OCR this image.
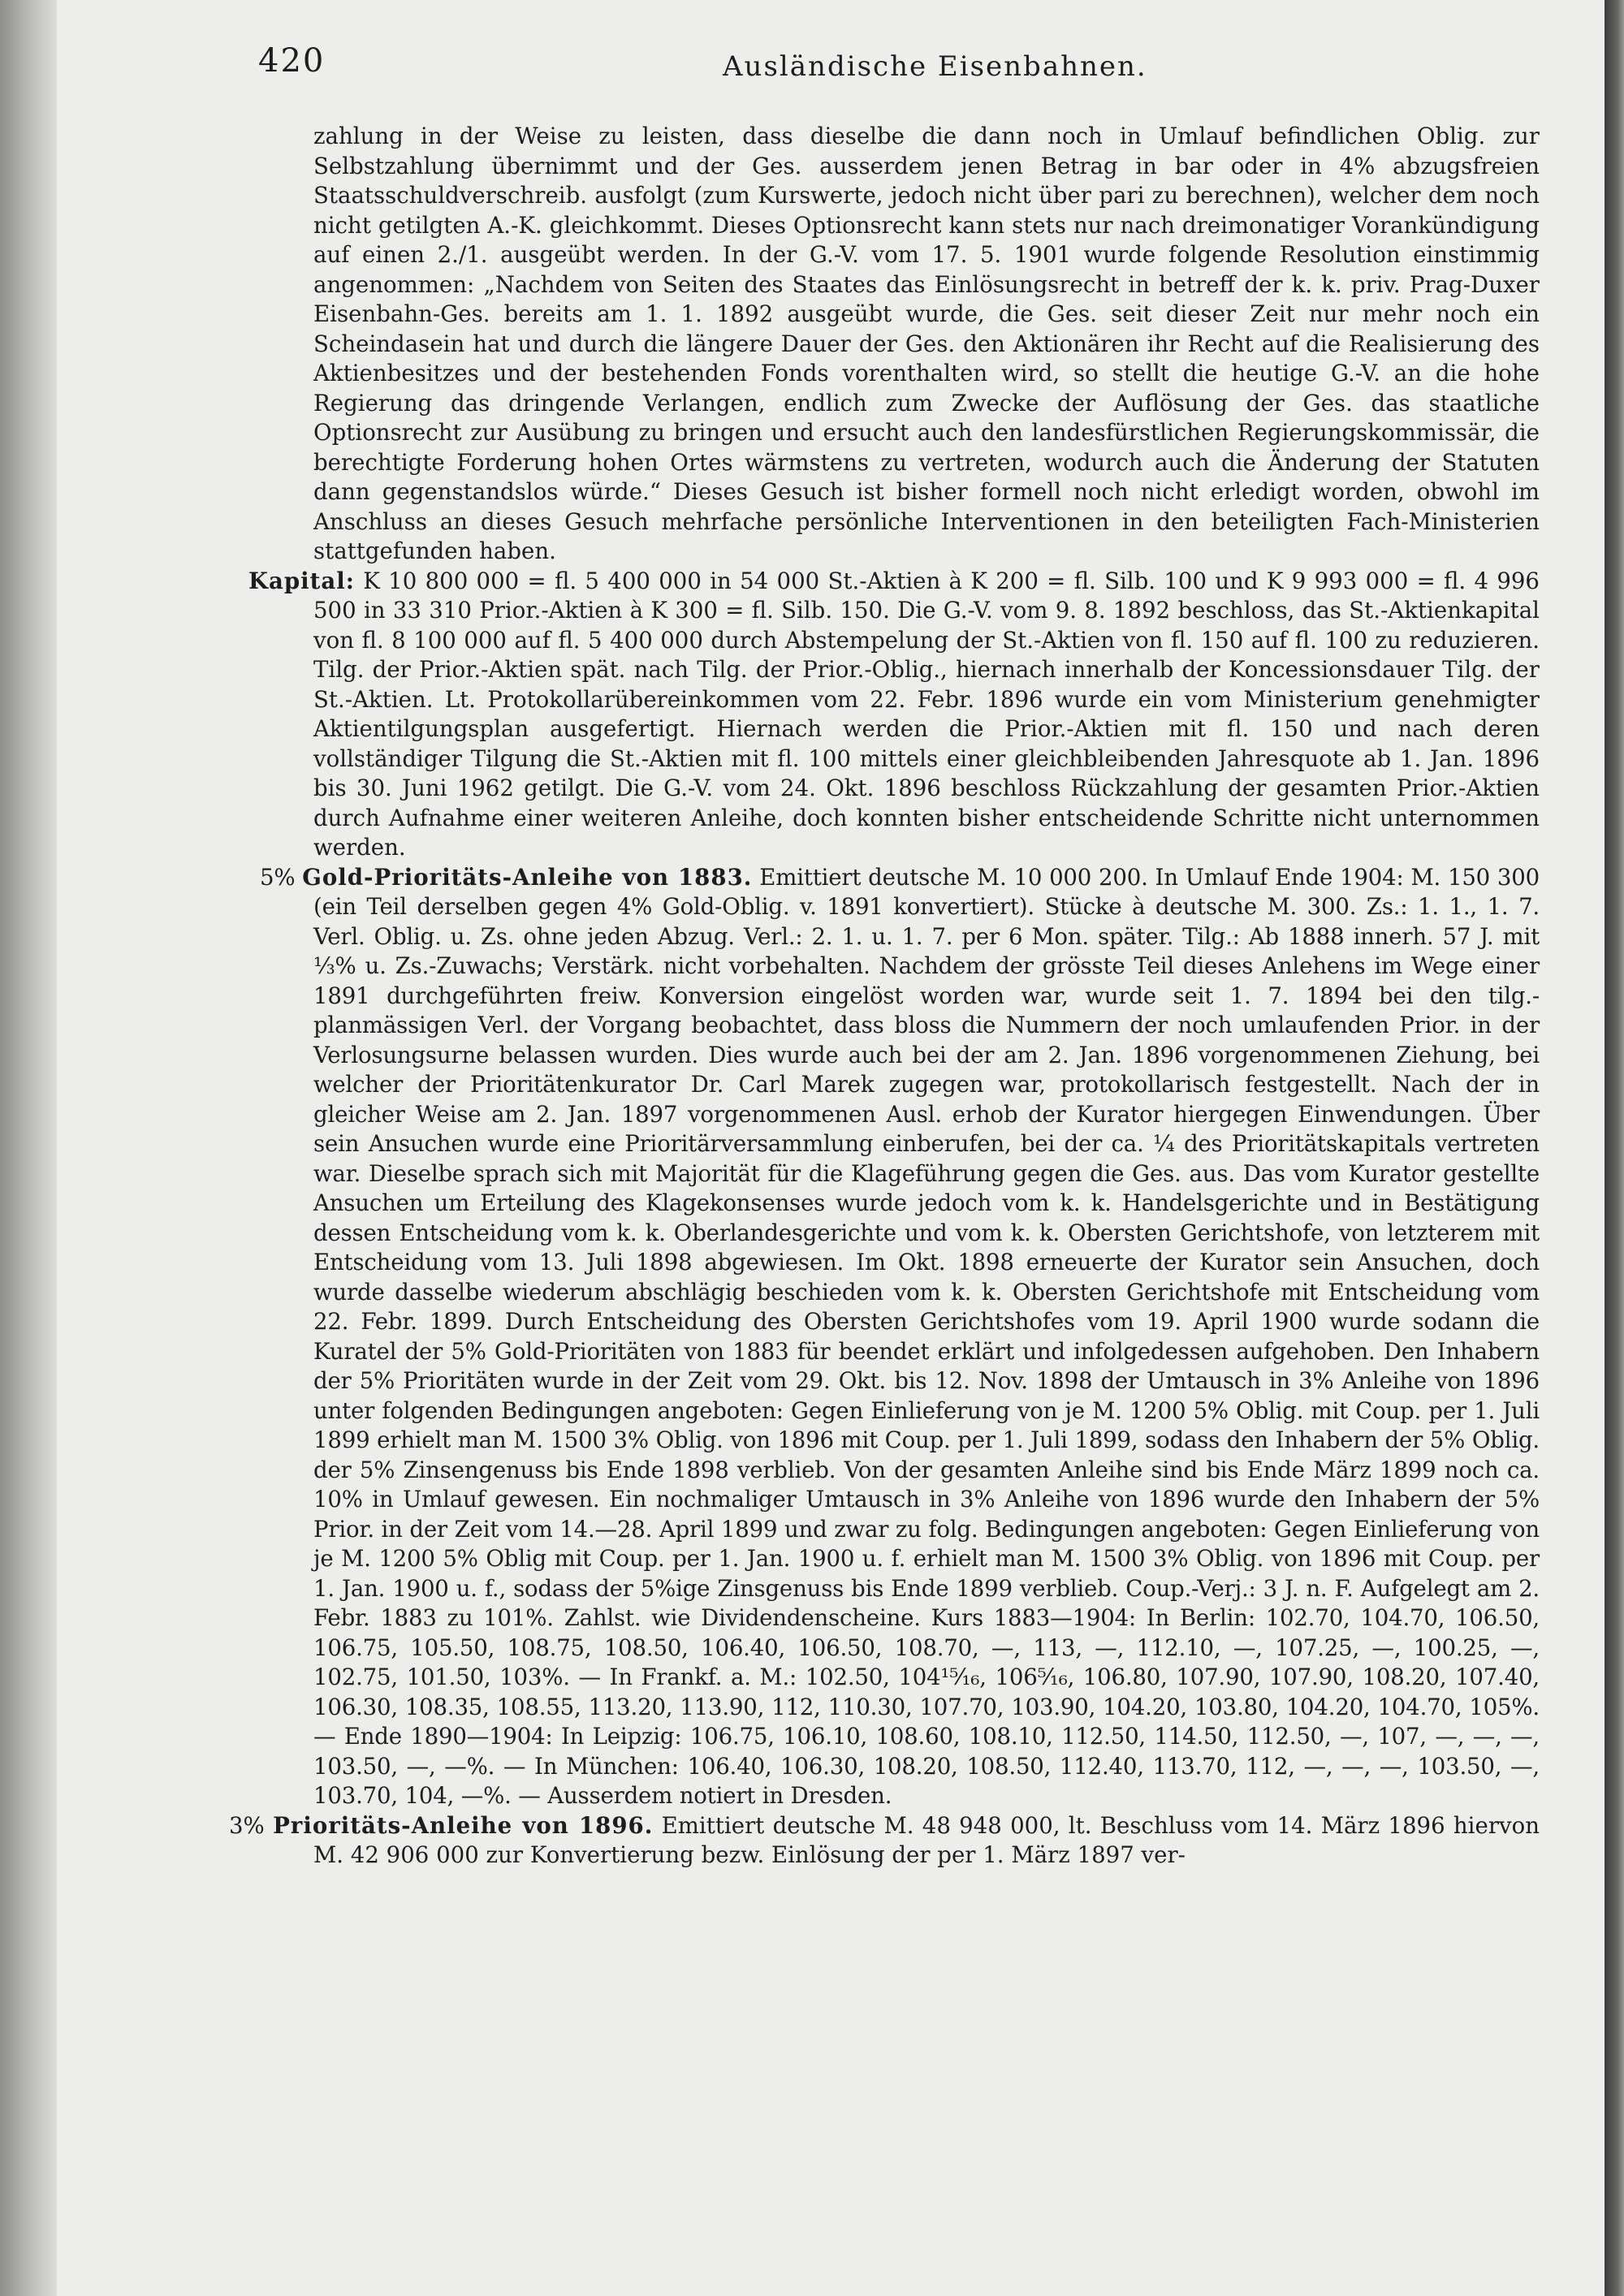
420	Ausländische Eisenbahnen.

zahlung in der Weise zu leisten, dass dieselbe die dann noch in Umlauf befindlichen Oblig. zur Selbstzahlung übernimmt und der Ges. ausserdem jenen Betrag in bar oder in 4% abzugsfreien Staatsschuldverschreib. ausfolgt (zum Kurswerte, jedoch nicht über pari zu berechnen), welcher dem noch nicht getilgten A.-K. gleichkommt. Dieses Optionsrecht kann stets nur nach dreimonatiger Vorankündigung auf einen 2./1. ausgeübt werden. In der G.-V. vom 17. 5. 1901 wurde folgende Resolution einstimmig angenommen: „Nachdem von Seiten des Staates das Einlösungsrecht in betreff der k. k. priv. Prag-Duxer Eisenbahn-Ges. bereits am 1. 1. 1892 ausgeübt wurde, die Ges. seit dieser Zeit nur mehr noch ein Scheindasein hat und durch die längere Dauer der Ges. den Aktionären ihr Recht auf die Realisierung des Aktienbesitzes und der bestehenden Fonds vorenthalten wird, so stellt die heutige G.-V. an die hohe Regierung das dringende Verlangen, endlich zum Zwecke der Auflösung der Ges. das staatliche Optionsrecht zur Ausübung zu bringen und ersucht auch den landesfürstlichen Regierungskommissär, die berechtigte Forderung hohen Ortes wärmstens zu vertreten, wodurch auch die Änderung der Statuten dann gegenstandslos würde.“ Dieses Gesuch ist bisher formell noch nicht erledigt worden, obwohl im Anschluss an dieses Gesuch mehrfache persönliche Interventionen in den beteiligten Fach-Ministerien stattgefunden haben.

Kapital: K 10 800 000 = fl. 5 400 000 in 54 000 St.-Aktien à K 200 = fl. Silb. 100 und K 9 993 000 = fl. 4 996 500 in 33 310 Prior.-Aktien à K 300 = fl. Silb. 150. Die G.-V. vom 9. 8. 1892 beschloss, das St.-Aktienkapital von fl. 8 100 000 auf fl. 5 400 000 durch Abstempelung der St.-Aktien von fl. 150 auf fl. 100 zu reduzieren. Tilg. der Prior.-Aktien spät. nach Tilg. der Prior.-Oblig., hiernach innerhalb der Koncessionsdauer Tilg. der St.-Aktien. Lt. Protokollarübereinkommen vom 22. Febr. 1896 wurde ein vom Ministerium genehmigter Aktientilgungsplan ausgefertigt. Hiernach werden die Prior.-Aktien mit fl. 150 und nach deren vollständiger Tilgung die St.-Aktien mit fl. 100 mittels einer gleichbleibenden Jahresquote ab 1. Jan. 1896 bis 30. Juni 1962 getilgt. Die G.-V. vom 24. Okt. 1896 beschloss Rückzahlung der gesamten Prior.-Aktien durch Aufnahme einer weiteren Anleihe, doch konnten bisher entscheidende Schritte nicht unternommen werden.

5% Gold-Prioritäts-Anleihe von 1883. Emittiert deutsche M. 10 000 200. In Umlauf Ende 1904: M. 150 300 (ein Teil derselben gegen 4% Gold-Oblig. v. 1891 konvertiert). Stücke à deutsche M. 300. Zs.: 1. 1., 1. 7. Verl. Oblig. u. Zs. ohne jeden Abzug. Verl.: 2. 1. u. 1. 7. per 6 Mon. später. Tilg.: Ab 1888 innerh. 57 J. mit ⅓% u. Zs.-Zuwachs; Verstärk. nicht vorbehalten. Nachdem der grösste Teil dieses Anlehens im Wege einer 1891 durchgeführten freiw. Konversion eingelöst worden war, wurde seit 1. 7. 1894 bei den tilg.-planmässigen Verl. der Vorgang beobachtet, dass bloss die Nummern der noch umlaufenden Prior. in der Verlosungsurne belassen wurden. Dies wurde auch bei der am 2. Jan. 1896 vorgenommenen Ziehung, bei welcher der Prioritätenkurator Dr. Carl Marek zugegen war, protokollarisch festgestellt. Nach der in gleicher Weise am 2. Jan. 1897 vorgenommenen Ausl. erhob der Kurator hiergegen Einwendungen. Über sein Ansuchen wurde eine Prioritärversammlung einberufen, bei der ca. ¼ des Prioritätskapitals vertreten war. Dieselbe sprach sich mit Majorität für die Klageführung gegen die Ges. aus. Das vom Kurator gestellte Ansuchen um Erteilung des Klagekonsenses wurde jedoch vom k. k. Handelsgerichte und in Bestätigung dessen Entscheidung vom k. k. Oberlandesgerichte und vom k. k. Obersten Gerichtshofe, von letzterem mit Entscheidung vom 13. Juli 1898 abgewiesen. Im Okt. 1898 erneuerte der Kurator sein Ansuchen, doch wurde dasselbe wiederum abschlägig beschieden vom k. k. Obersten Gerichtshofe mit Entscheidung vom 22. Febr. 1899. Durch Entscheidung des Obersten Gerichtshofes vom 19. April 1900 wurde sodann die Kuratel der 5% Gold-Prioritäten von 1883 für beendet erklärt und infolgedessen aufgehoben. Den Inhabern der 5% Prioritäten wurde in der Zeit vom 29. Okt. bis 12. Nov. 1898 der Umtausch in 3% Anleihe von 1896 unter folgenden Bedingungen angeboten: Gegen Einlieferung von je M. 1200 5% Oblig. mit Coup. per 1. Juli 1899 erhielt man M. 1500 3% Oblig. von 1896 mit Coup. per 1. Juli 1899, sodass den Inhabern der 5% Oblig. der 5% Zinsengenuss bis Ende 1898 verblieb. Von der gesamten Anleihe sind bis Ende März 1899 noch ca. 10% in Umlauf gewesen. Ein nochmaliger Umtausch in 3% Anleihe von 1896 wurde den Inhabern der 5% Prior. in der Zeit vom 14.—28. April 1899 und zwar zu folg. Bedingungen angeboten: Gegen Einlieferung von je M. 1200 5% Oblig mit Coup. per 1. Jan. 1900 u. f. erhielt man M. 1500 3% Oblig. von 1896 mit Coup. per 1. Jan. 1900 u. f., sodass der 5%ige Zinsgenuss bis Ende 1899 verblieb. Coup.-Verj.: 3 J. n. F. Aufgelegt am 2. Febr. 1883 zu 101%. Zahlst. wie Dividendenscheine. Kurs 1883—1904: In Berlin: 102.70, 104.70, 106.50, 106.75, 105.50, 108.75, 108.50, 106.40, 106.50, 108.70, —, 113, —, 112.10, —, 107.25, —, 100.25, —, 102.75, 101.50, 103%. — In Frankf. a. M.: 102.50, 104¹⁵⁄₁₆, 106⁵⁄₁₆, 106.80, 107.90, 107.90, 108.20, 107.40, 106.30, 108.35, 108.55, 113.20, 113.90, 112, 110.30, 107.70, 103.90, 104.20, 103.80, 104.20, 104.70, 105%. — Ende 1890—1904: In Leipzig: 106.75, 106.10, 108.60, 108.10, 112.50, 114.50, 112.50, —, 107, —, —, —, 103.50, —, —%. — In München: 106.40, 106.30, 108.20, 108.50, 112.40, 113.70, 112, —, —, —, 103.50, —, 103.70, 104, —%. — Ausserdem notiert in Dresden.

3% Prioritäts-Anleihe von 1896. Emittiert deutsche M. 48 948 000, lt. Beschluss vom 14. März 1896 hiervon M. 42 906 000 zur Konvertierung bezw. Einlösung der per 1. März 1897 ver-
